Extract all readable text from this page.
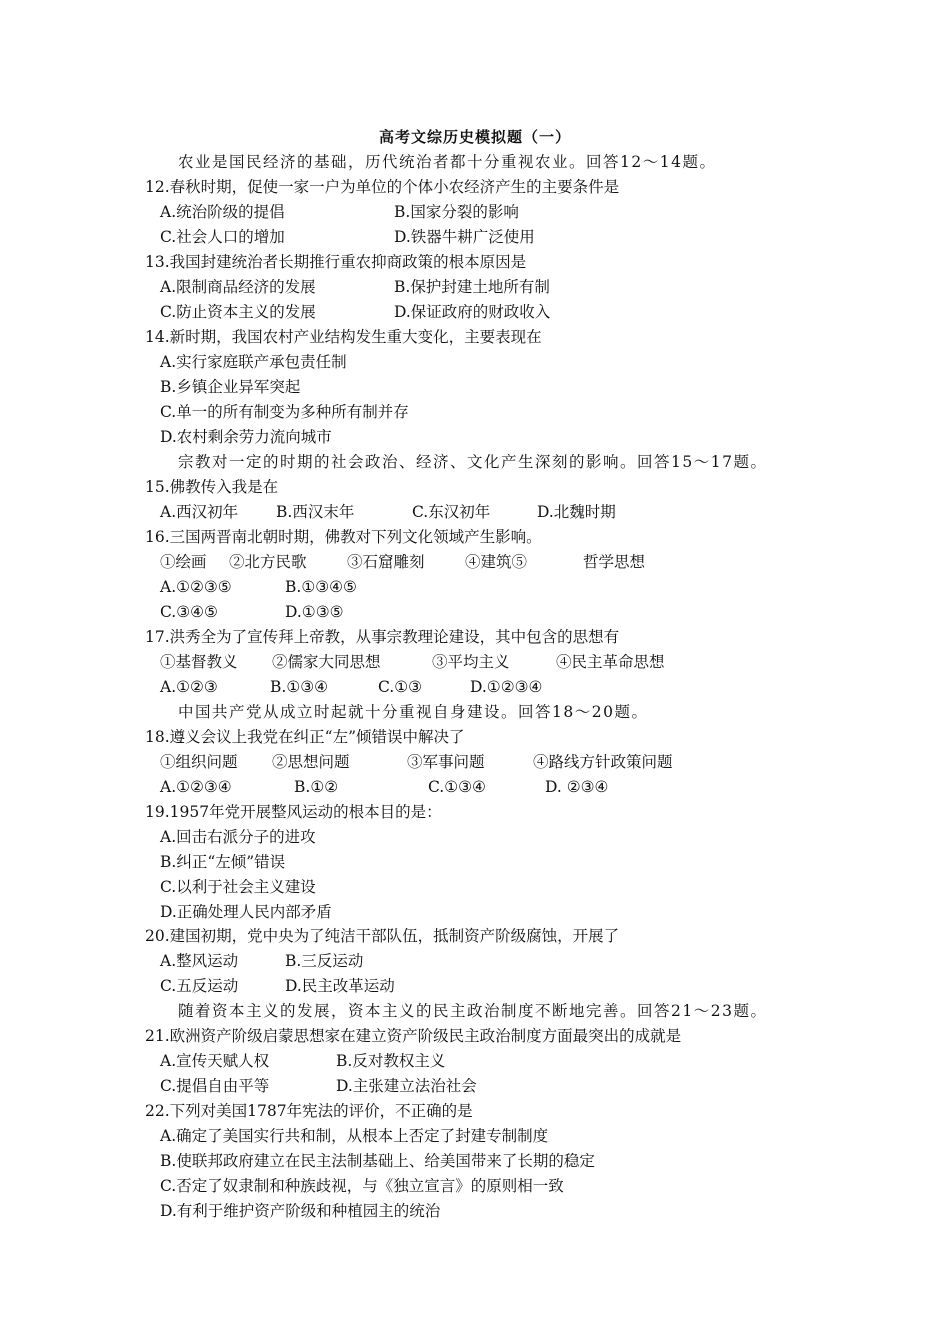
高考文综历史模拟题（一）
农业是国民经济的基础，历代统治者都十分重视农业。回答12～14题。
12.春秋时期，促使一家一户为单位的个体小农经济产生的主要条件是
A.统治阶级的提倡	B.国家分裂的影响
C.社会人口的增加	D.铁器牛耕广泛使用
13.我国封建统治者长期推行重农抑商政策的根本原因是
A.限制商品经济的发展	B.保护封建土地所有制
C.防止资本主义的发展	D.保证政府的财政收入
14.新时期，我国农村产业结构发生重大变化，主要表现在
A.实行家庭联产承包责任制
B.乡镇企业异军突起
C.单一的所有制变为多种所有制并存
D.农村剩余劳力流向城市
宗教对一定的时期的社会政治、经济、文化产生深刻的影响。回答15～17题。
15.佛教传入我是在
A.西汉初年 B.西汉末年	C.东汉初年	D.北魏时期
16.三国两晋南北朝时期，佛教对下列文化领域产生影响。
①绘画 ②北方民歌	③石窟雕刻	④建筑⑤	哲学思想
A.①②③⑤	B.①③④⑤
C.③④⑤	D.①③⑤
17.洪秀全为了宣传拜上帝教，从事宗教理论建设，其中包含的思想有
①基督教义 ②儒家大同思想	③平均主义	④民主革命思想
A.①②③	B.①③④	C.①③	D.①②③④
中国共产党从成立时起就十分重视自身建设。回答18～20题。
18.遵义会议上我党在纠正“左”倾错误中解决了
①组织问题 ②思想问题	③军事问题	④路线方针政策问题
A.①②③④	B.①②	C.①③④	D. ②③④
19.1957年党开展整风运动的根本目的是：
A.回击右派分子的进攻
B.纠正“左倾”错误
C.以利于社会主义建设
D.正确处理人民内部矛盾
20.建国初期，党中央为了纯洁干部队伍，抵制资产阶级腐蚀，开展了
A.整风运动	B.三反运动
C.五反运动	D.民主改革运动
随着资本主义的发展，资本主义的民主政治制度不断地完善。回答21～23题。
21.欧洲资产阶级启蒙思想家在建立资产阶级民主政治制度方面最突出的成就是
A.宣传天赋人权	B.反对教权主义
C.提倡自由平等	D.主张建立法治社会
22.下列对美国1787年宪法的评价，不正确的是
A.确定了美国实行共和制，从根本上否定了封建专制制度
B.使联邦政府建立在民主法制基础上、给美国带来了长期的稳定
C.否定了奴隶制和种族歧视，与《独立宣言》的原则相一致
D.有利于维护资产阶级和种植园主的统治
